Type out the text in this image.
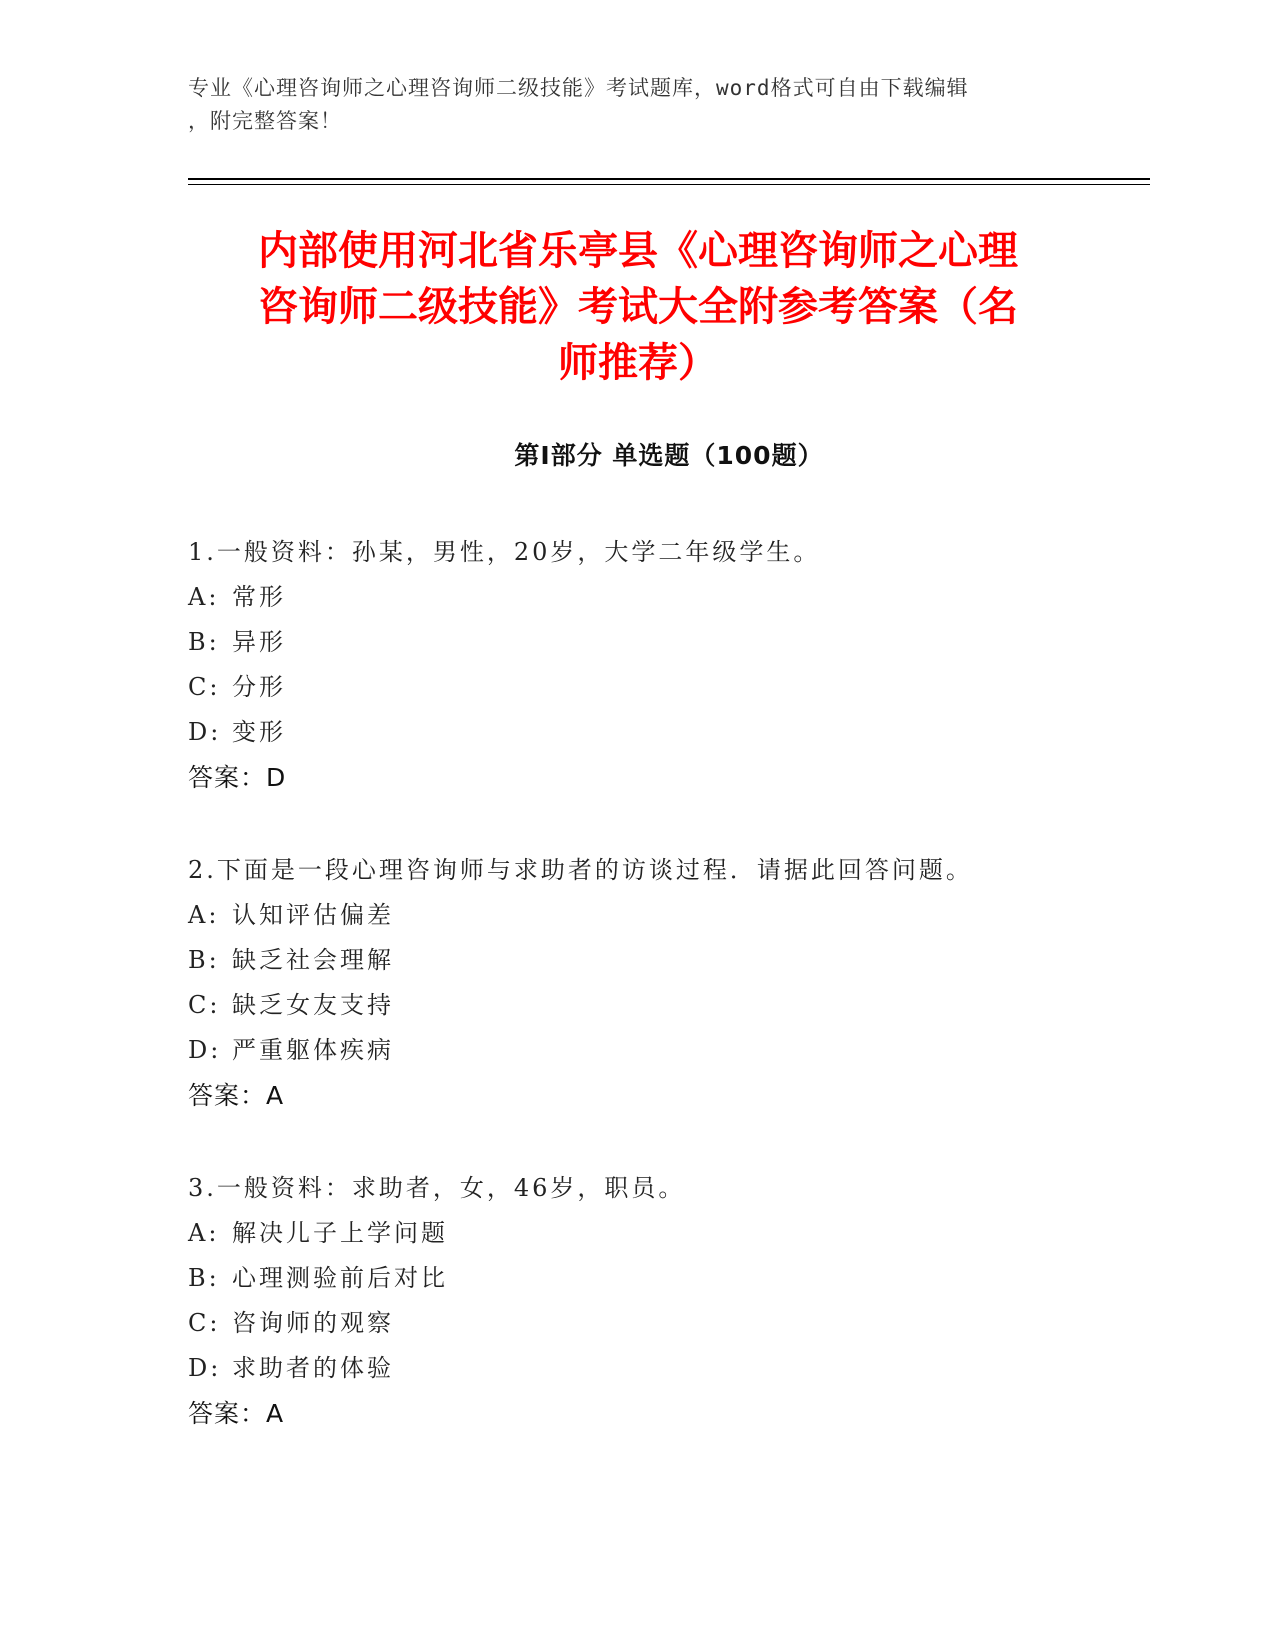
专业《心理咨询师之心理咨询师二级技能》考试题库，word格式可自由下载编辑
，附完整答案！
内部使用河北省乐亭县《心理咨询师之心理
咨询师二级技能》考试大全附参考答案（名
师推荐）
第Ⅰ部分 单选题（100题）
1.一般资料：孙某，男性，20岁，大学二年级学生。
A: 常形
B: 异形
C: 分形
D: 变形
答案：D
2.下面是一段心理咨询师与求助者的访谈过程．请据此回答问题。
A: 认知评估偏差
B: 缺乏社会理解
C: 缺乏女友支持
D: 严重躯体疾病
答案：A
3.一般资料：求助者，女，46岁，职员。
A: 解决儿子上学问题
B: 心理测验前后对比
C: 咨询师的观察
D: 求助者的体验
答案：A
